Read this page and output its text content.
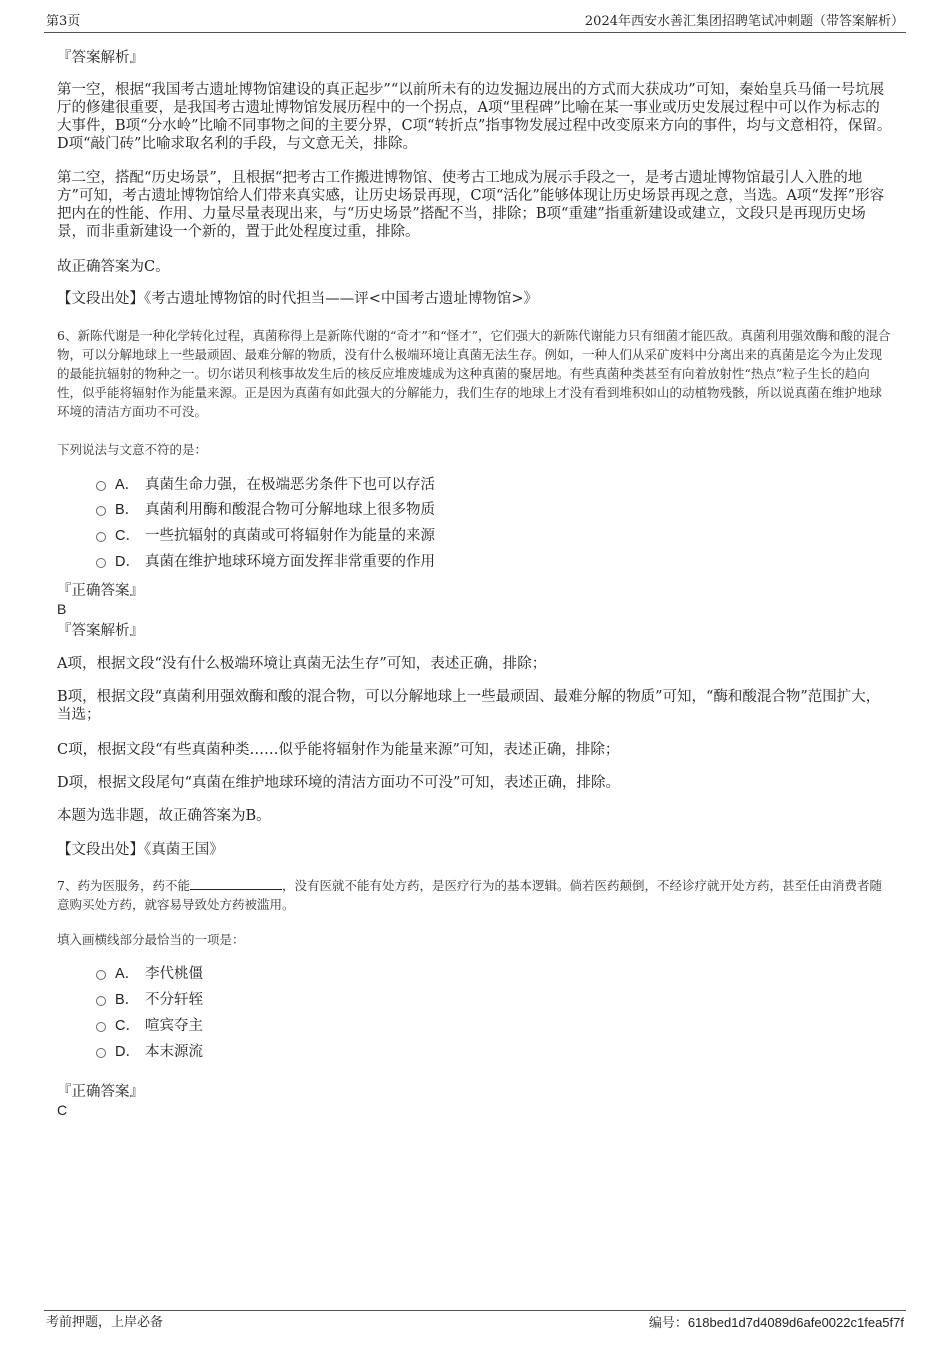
第3页	2024年西安水善汇集团招聘笔试冲刺题（带答案解析）
『答案解析』
第一空，根据“我国考古遗址博物馆建设的真正起步”“以前所未有的边发掘边展出的方式而大获成功”可知，秦始皇兵马俑一号坑展厅的修建很重要，是我国考古遗址博物馆发展历程中的一个拐点，A项“里程碑”比喻在某一事业或历史发展过程中可以作为标志的大事件，B项“分水岭”比喻不同事物之间的主要分界，C项“转折点”指事物发展过程中改变原来方向的事件，均与文意相符，保留。D项“敲门砖”比喻求取名利的手段，与文意无关，排除。
第二空，搭配“历史场景”，且根据“把考古工作搬进博物馆、使考古工地成为展示手段之一，是考古遗址博物馆最引人入胜的地方”可知，考古遗址博物馆给人们带来真实感，让历史场景再现，C项“活化”能够体现让历史场景再现之意，当选。A项“发挥”形容把内在的性能、作用、力量尽量表现出来，与“历史场景”搭配不当，排除；B项“重建”指重新建设或建立，文段只是再现历史场景，而非重新建设一个新的，置于此处程度过重，排除。
故正确答案为C。
【文段出处】《考古遗址博物馆的时代担当——评<中国考古遗址博物馆>》
6、新陈代谢是一种化学转化过程，真菌称得上是新陈代谢的“奇才”和“怪才”，它们强大的新陈代谢能力只有细菌才能匹敌。真菌利用强效酶和酸的混合物，可以分解地球上一些最顽固、最难分解的物质，没有什么极端环境让真菌无法生存。例如，一种人们从采矿废料中分离出来的真菌是迄今为止发现的最能抗辐射的物种之一。切尔诺贝利核事故发生后的核反应堆废墟成为这种真菌的聚居地。有些真菌种类甚至有向着放射性“热点”粒子生长的趋向性，似乎能将辐射作为能量来源。正是因为真菌有如此强大的分解能力，我们生存的地球上才没有看到堆积如山的动植物残骸，所以说真菌在维护地球环境的清洁方面功不可没。
下列说法与文意不符的是：
A． 真菌生命力强，在极端恶劣条件下也可以存活
B． 真菌利用酶和酸混合物可分解地球上很多物质
C． 一些抗辐射的真菌或可将辐射作为能量的来源
D． 真菌在维护地球环境方面发挥非常重要的作用
『正确答案』
B
『答案解析』
A项，根据文段“没有什么极端环境让真菌无法生存”可知，表述正确，排除；
B项，根据文段“真菌利用强效酶和酸的混合物，可以分解地球上一些最顽固、最难分解的物质”可知，“酶和酸混合物”范围扩大，当选；
C项，根据文段“有些真菌种类……似乎能将辐射作为能量来源”可知，表述正确，排除；
D项，根据文段尾句“真菌在维护地球环境的清洁方面功不可没”可知，表述正确，排除。
本题为选非题，故正确答案为B。
【文段出处】《真菌王国》
7、药为医服务，药不能	，没有医就不能有处方药，是医疗行为的基本逻辑。倘若医药颠倒，不经诊疗就开处方药，甚至任由消费者随意购买处方药，就容易导致处方药被滥用。
填入画横线部分最恰当的一项是：
A． 李代桃僵
B． 不分轩轾
C． 喧宾夺主
D． 本末源流
『正确答案』
C
考前押题，上岸必备	编号：618bed1d7d4089d6afe0022c1fea5f7f
